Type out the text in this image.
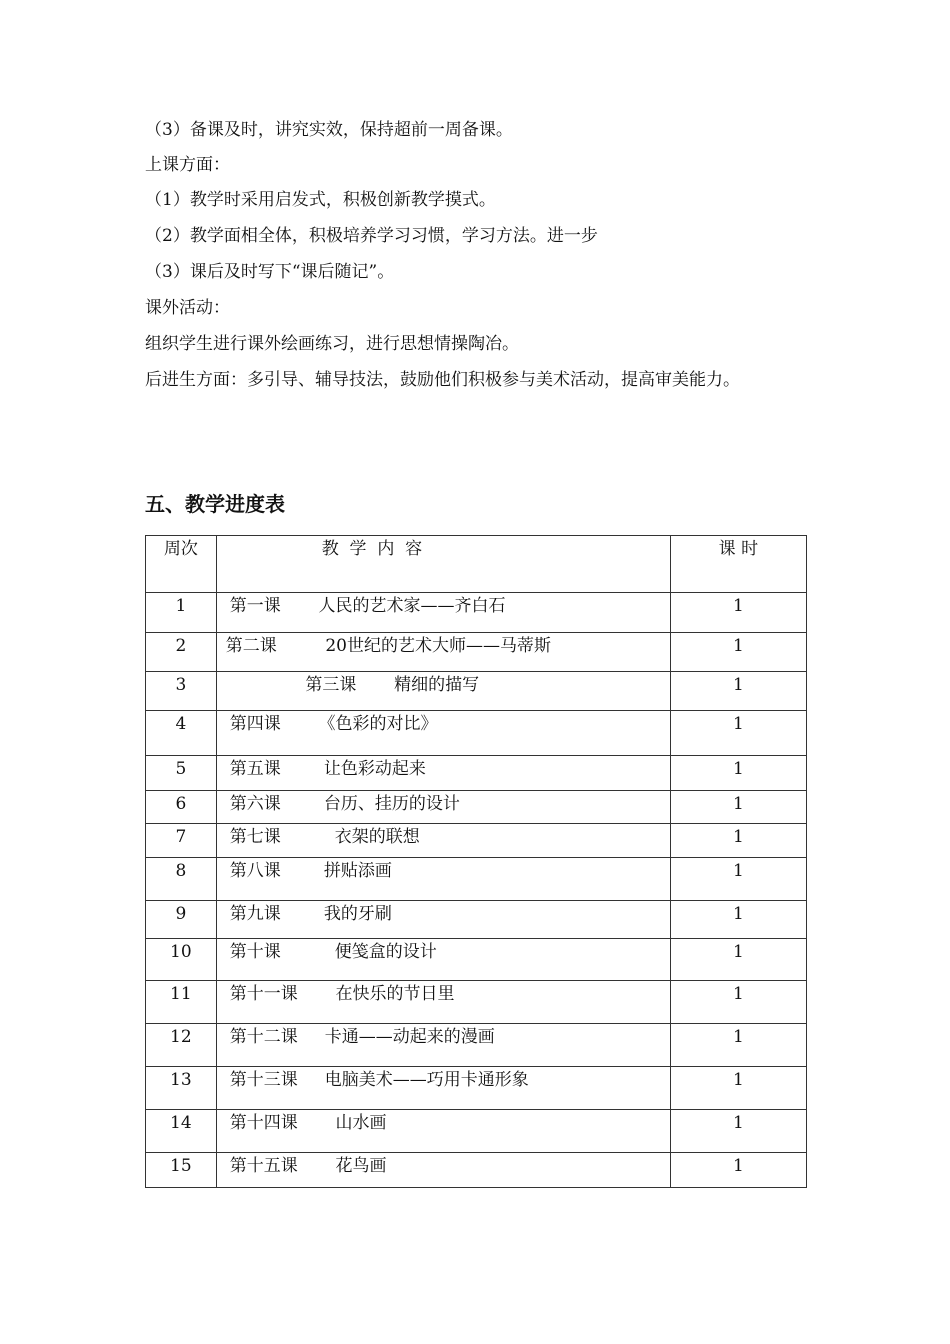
（3）备课及时，讲究实效，保持超前一周备课。
上课方面：
（1）教学时采用启发式，积极创新教学摸式。
（2）教学面相全体，积极培养学习习惯，学习方法。进一步
（3）课后及时写下“课后随记”。
课外活动：
组织学生进行课外绘画练习，进行思想情操陶冶。
后进生方面：多引导、辅导技法，鼓励他们积极参与美术活动，提高审美能力。
五、教学进度表
周次	教  学  内  容	课 时

1	第一课       人民的艺术家——齐白石	1

2	第二课         20世纪的艺术大师——马蒂斯	1

3	第三课       精细的描写	1

4	第四课       《色彩的对比》	1

5	第五课        让色彩动起来	1

6	第六课        台历、挂历的设计	1

7	第七课          衣架的联想	1

8	第八课        拼贴添画	1

9	第九课        我的牙刷	1

10	第十课          便笺盒的设计	1

11	第十一课       在快乐的节日里	1

12	第十二课     卡通——动起来的漫画	1

13	第十三课     电脑美术——巧用卡通形象	1

14	第十四课       山水画	1

15	第十五课       花鸟画	1
